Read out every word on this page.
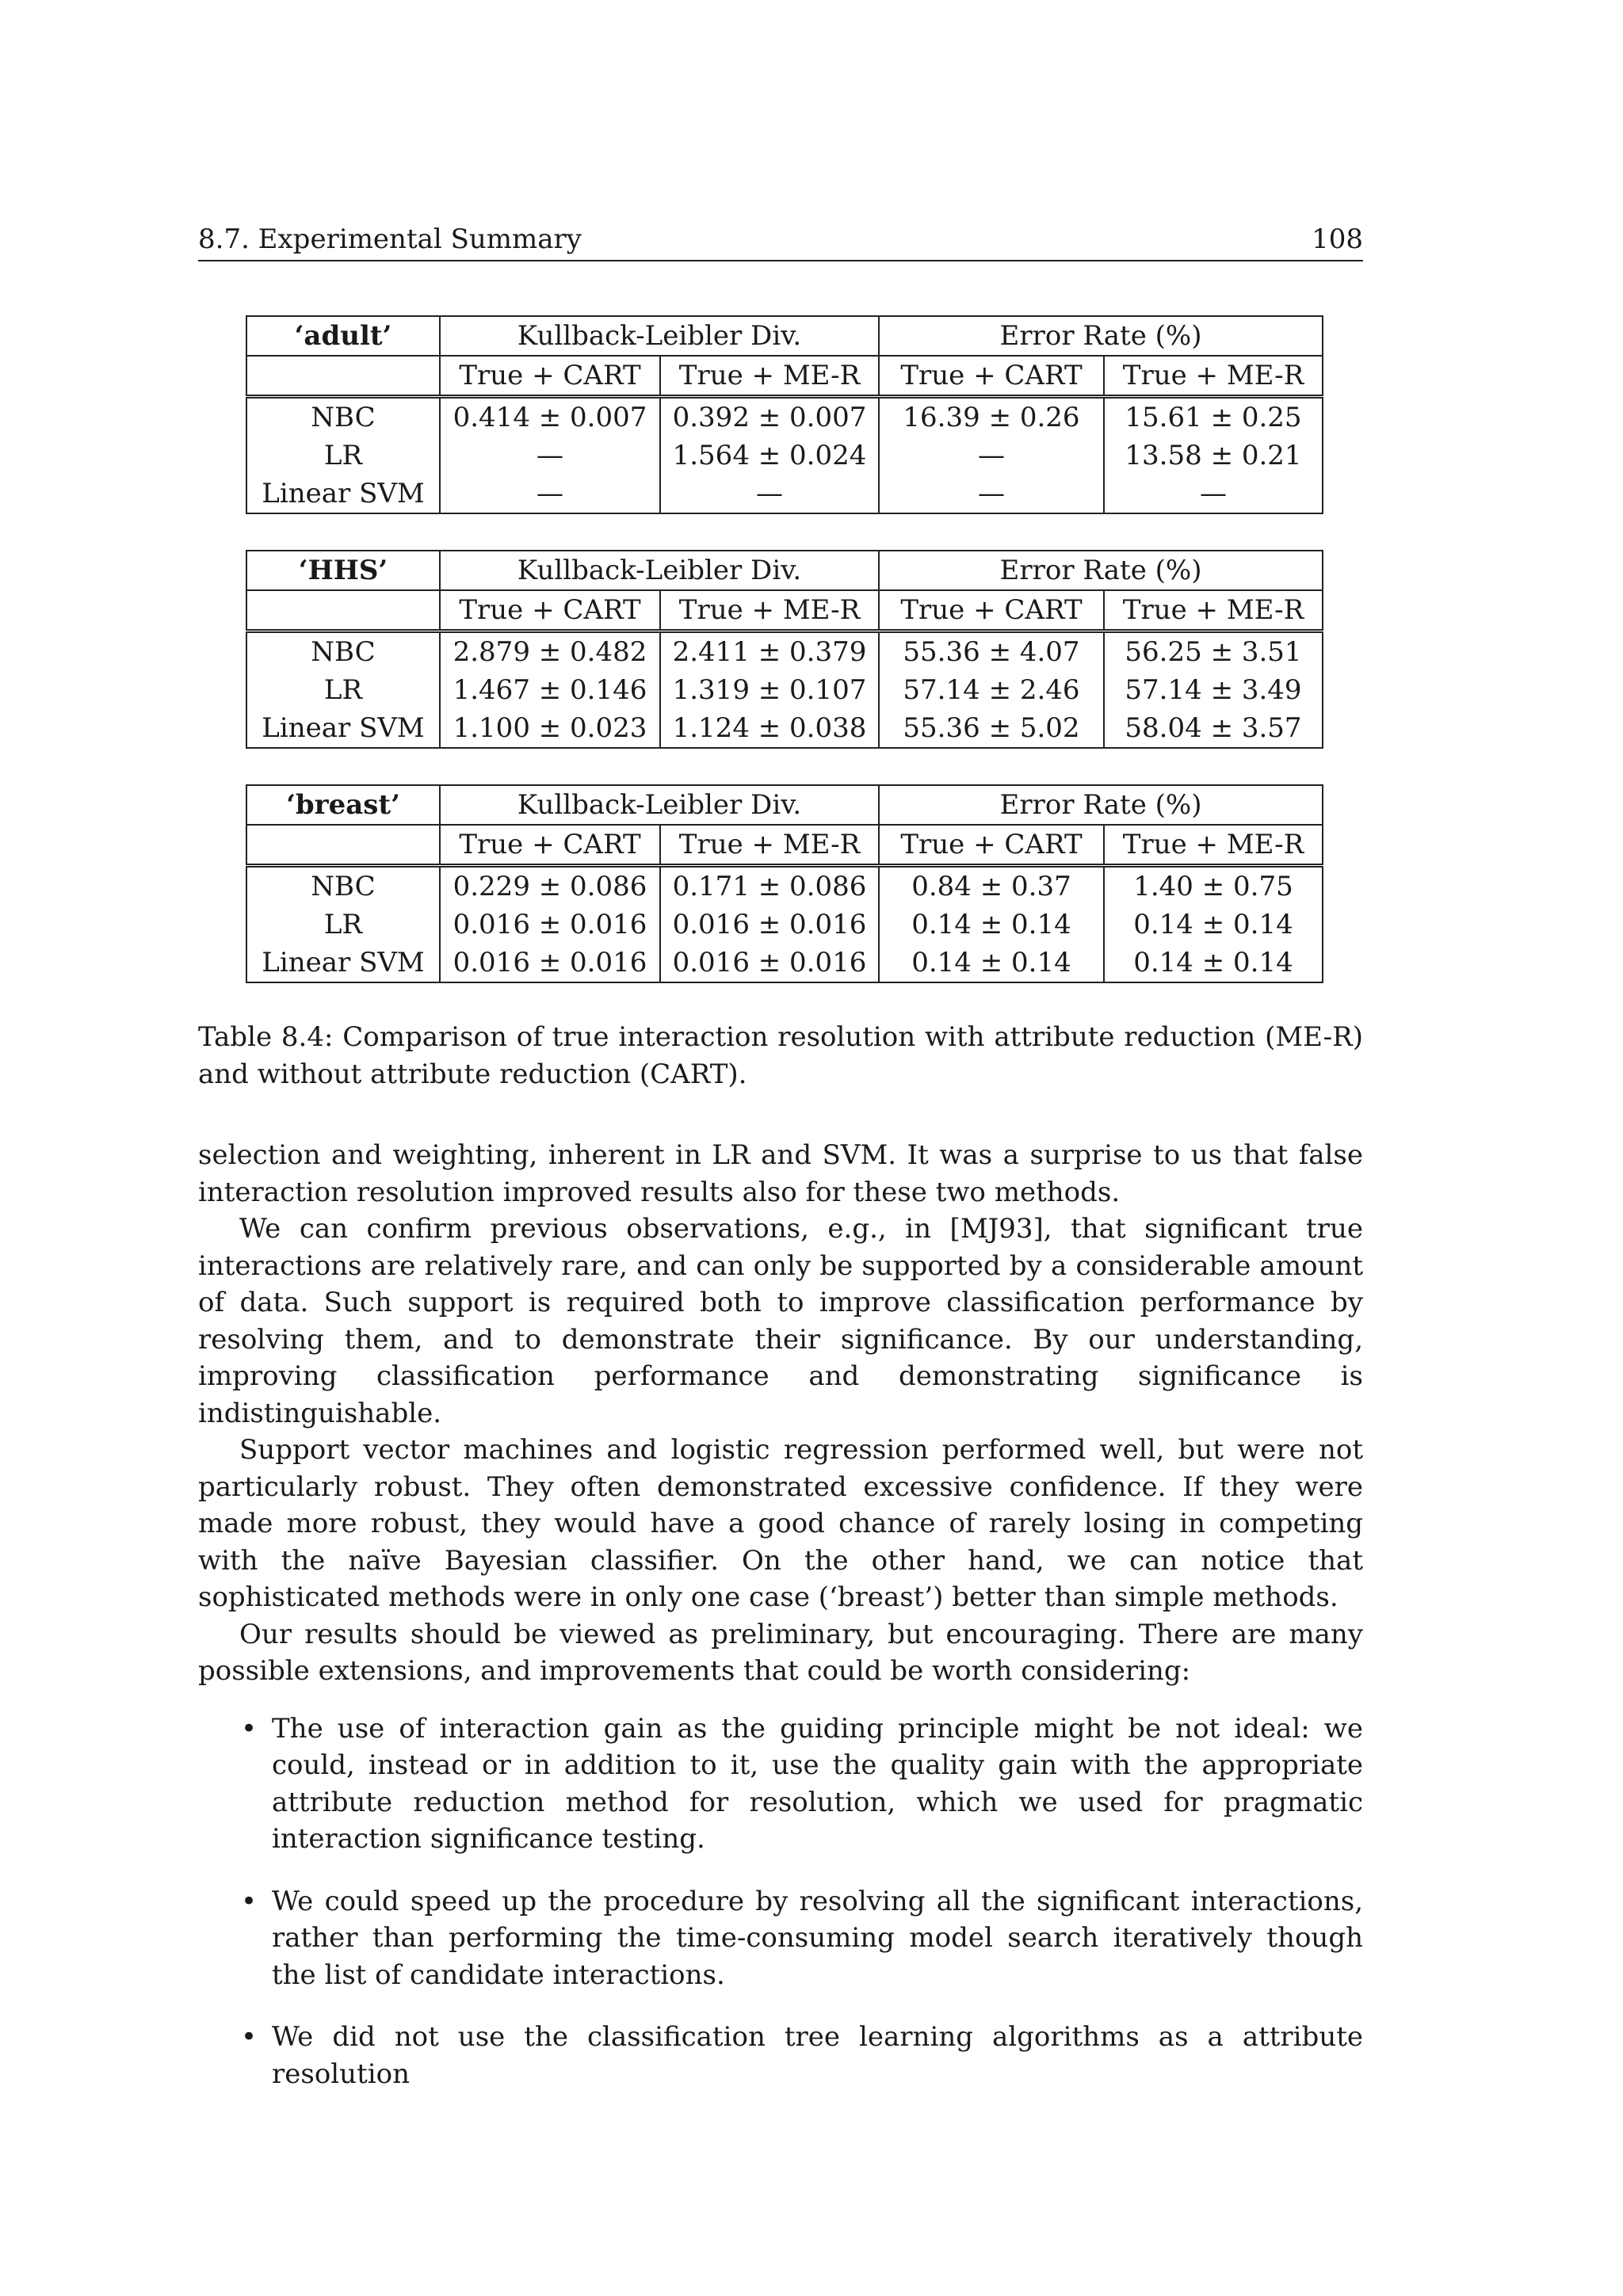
8.7. Experimental Summary	108
‘adult’	Kullback-Leibler Div.		Error Rate (%)	
	True + CART	True + ME-R	True + CART	True + ME-R
NBC	0.414 ± 0.007	0.392 ± 0.007	16.39 ± 0.26	15.61 ± 0.25
LR	—	1.564 ± 0.024	—	13.58 ± 0.21
Linear SVM	—	—	—	—
‘HHS’	Kullback-Leibler Div.		Error Rate (%)	
	True + CART	True + ME-R	True + CART	True + ME-R
NBC	2.879 ± 0.482	2.411 ± 0.379	55.36 ± 4.07	56.25 ± 3.51
LR	1.467 ± 0.146	1.319 ± 0.107	57.14 ± 2.46	57.14 ± 3.49
Linear SVM	1.100 ± 0.023	1.124 ± 0.038	55.36 ± 5.02	58.04 ± 3.57
‘breast’	Kullback-Leibler Div.		Error Rate (%)	
	True + CART	True + ME-R	True + CART	True + ME-R
NBC	0.229 ± 0.086	0.171 ± 0.086	0.84 ± 0.37	1.40 ± 0.75
LR	0.016 ± 0.016	0.016 ± 0.016	0.14 ± 0.14	0.14 ± 0.14
Linear SVM	0.016 ± 0.016	0.016 ± 0.016	0.14 ± 0.14	0.14 ± 0.14
Table 8.4: Comparison of true interaction resolution with attribute reduction (ME-R) and without attribute reduction (CART).

selection and weighting, inherent in LR and SVM. It was a surprise to us that false interaction resolution improved results also for these two methods.

We can confirm previous observations, e.g., in [MJ93], that significant true interactions are relatively rare, and can only be supported by a considerable amount of data. Such support is required both to improve classification performance by resolving them, and to demonstrate their significance. By our understanding, improving classification performance and demonstrating significance is indistinguishable.

Support vector machines and logistic regression performed well, but were not particularly robust. They often demonstrated excessive confidence. If they were made more robust, they would have a good chance of rarely losing in competing with the naïve Bayesian classifier. On the other hand, we can notice that sophisticated methods were in only one case (‘breast’) better than simple methods.

Our results should be viewed as preliminary, but encouraging. There are many possible extensions, and improvements that could be worth considering:

• The use of interaction gain as the guiding principle might be not ideal: we could, instead or in addition to it, use the quality gain with the appropriate attribute reduction method for resolution, which we used for pragmatic interaction significance testing.
• We could speed up the procedure by resolving all the significant interactions, rather than performing the time-consuming model search iteratively though the list of candidate interactions.
• We did not use the classification tree learning algorithms as a attribute resolution
